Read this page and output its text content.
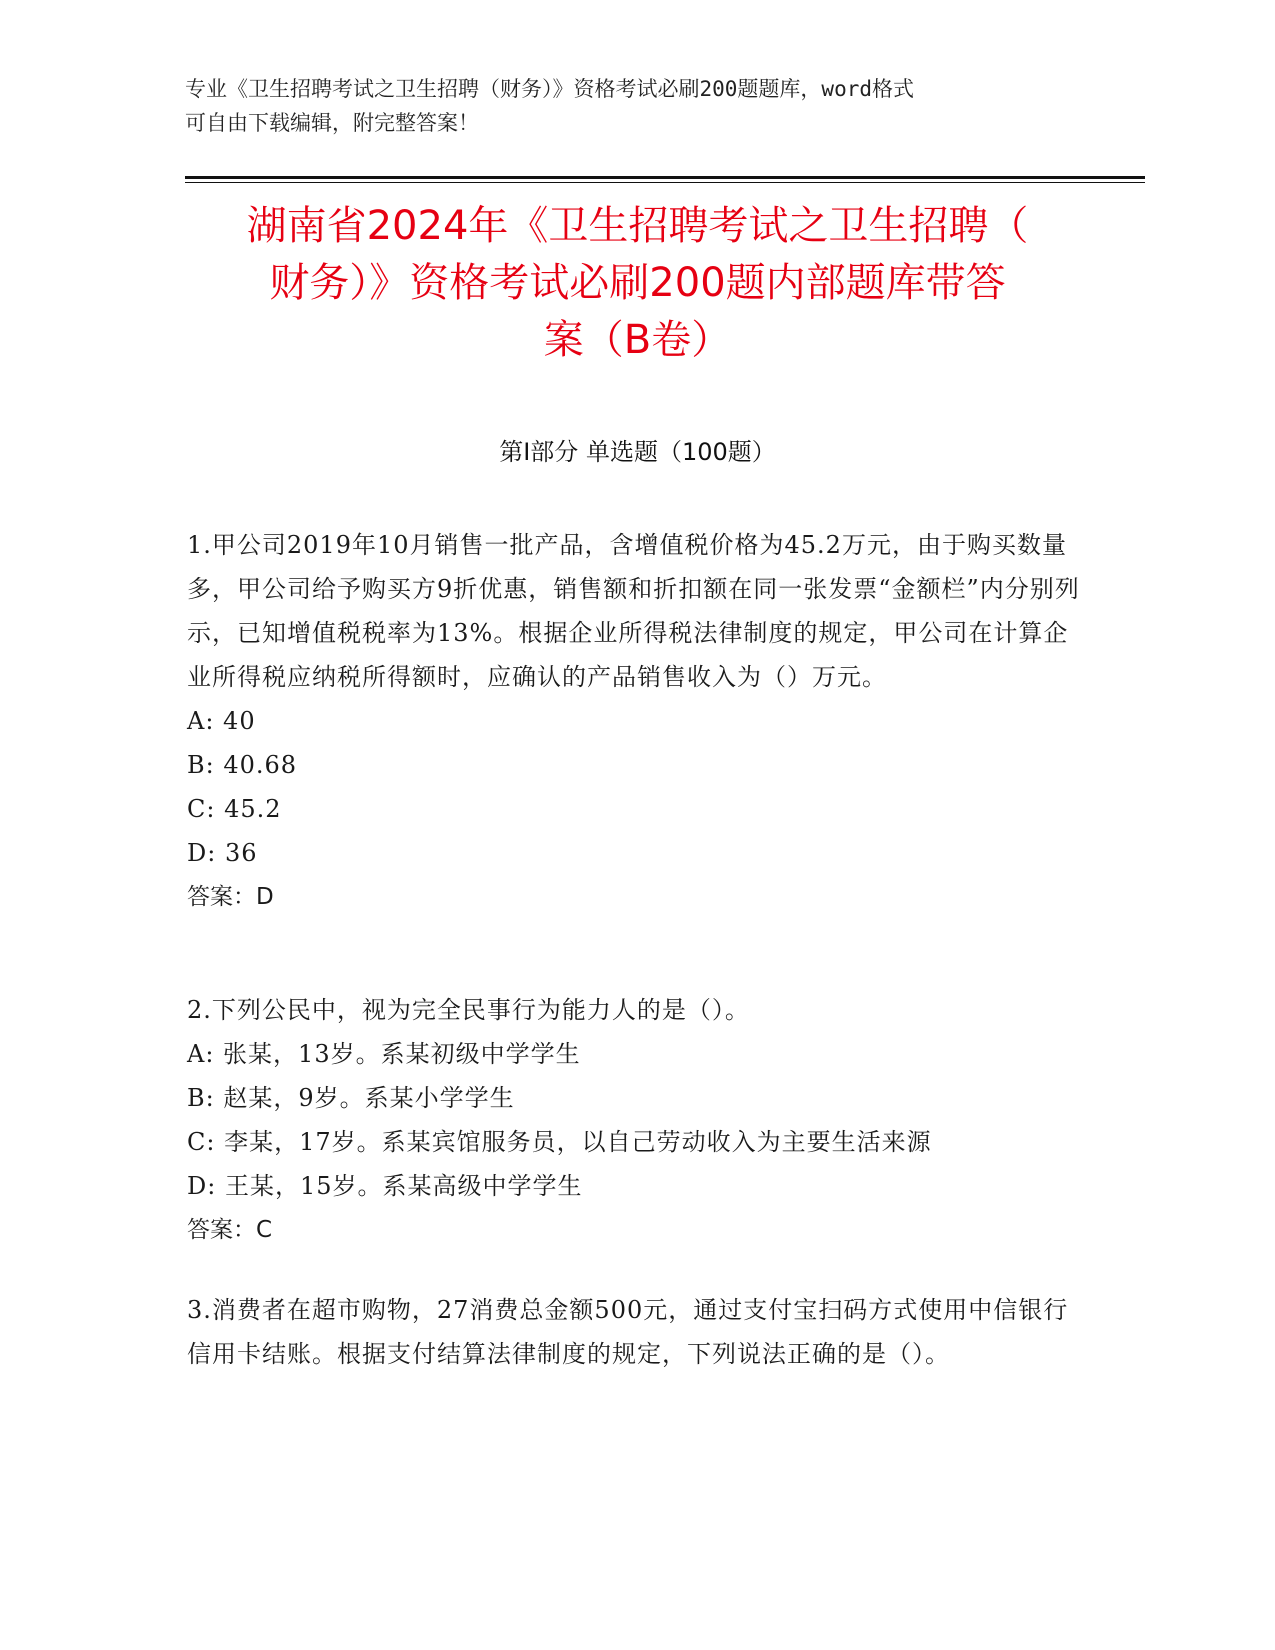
专业《卫生招聘考试之卫生招聘（财务）》资格考试必刷200题题库，word格式
可自由下载编辑，附完整答案！
湖南省2024年《卫生招聘考试之卫生招聘（
财务）》资格考试必刷200题内部题库带答
案（B卷）
第Ⅰ部分 单选题（100题）

1.甲公司2019年10月销售一批产品，含增值税价格为45.2万元，由于购买数量多，甲公司给予购买方9折优惠，销售额和折扣额在同一张发票“金额栏”内分别列示，已知增值税税率为13%。根据企业所得税法律制度的规定，甲公司在计算企业所得税应纳税所得额时，应确认的产品销售收入为（）万元。

A: 40

B: 40.68

C: 45.2

D: 36

答案：D

2.下列公民中，视为完全民事行为能力人的是（）。

A: 张某，13岁。系某初级中学学生

B: 赵某，9岁。系某小学学生

C: 李某，17岁。系某宾馆服务员，以自己劳动收入为主要生活来源

D: 王某，15岁。系某高级中学学生

答案：C

3.消费者在超市购物，27消费总金额500元，通过支付宝扫码方式使用中信银行信用卡结账。根据支付结算法律制度的规定，下列说法正确的是（）。
